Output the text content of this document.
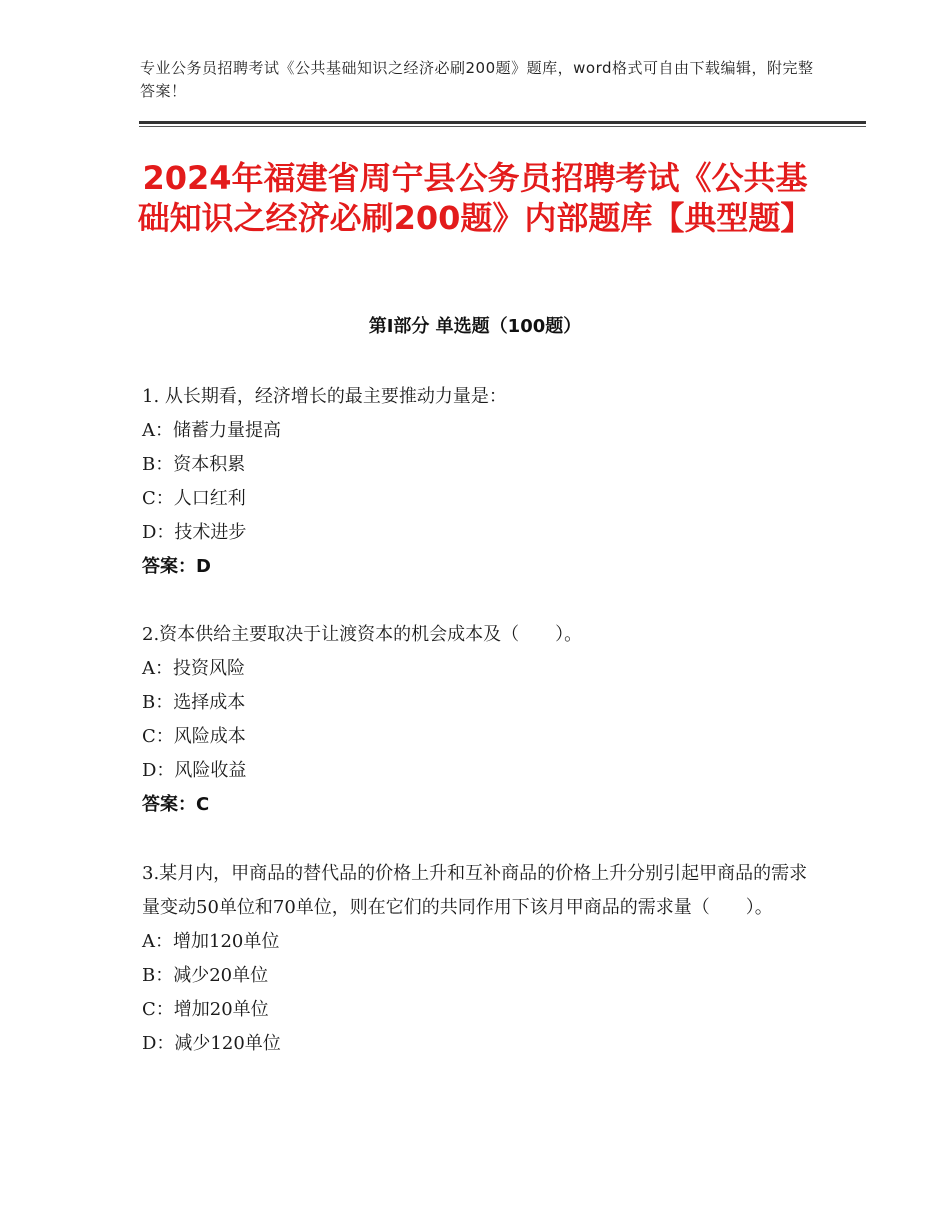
专业公务员招聘考试《公共基础知识之经济必刷200题》题库，word格式可自由下载编辑，附完整答案！
2024年福建省周宁县公务员招聘考试《公共基础知识之经济必刷200题》内部题库【典型题】
第Ⅰ部分 单选题（100题）
1. 从长期看，经济增长的最主要推动力量是：
A：储蓄力量提高
B：资本积累
C：人口红利
D：技术进步
答案：D
2.资本供给主要取决于让渡资本的机会成本及（　　）。
A：投资风险
B：选择成本
C：风险成本
D：风险收益
答案：C
3.某月内，甲商品的替代品的价格上升和互补商品的价格上升分别引起甲商品的需求量变动50单位和70单位，则在它们的共同作用下该月甲商品的需求量（　　）。
A：增加120单位
B：减少20单位
C：增加20单位
D：减少120单位
